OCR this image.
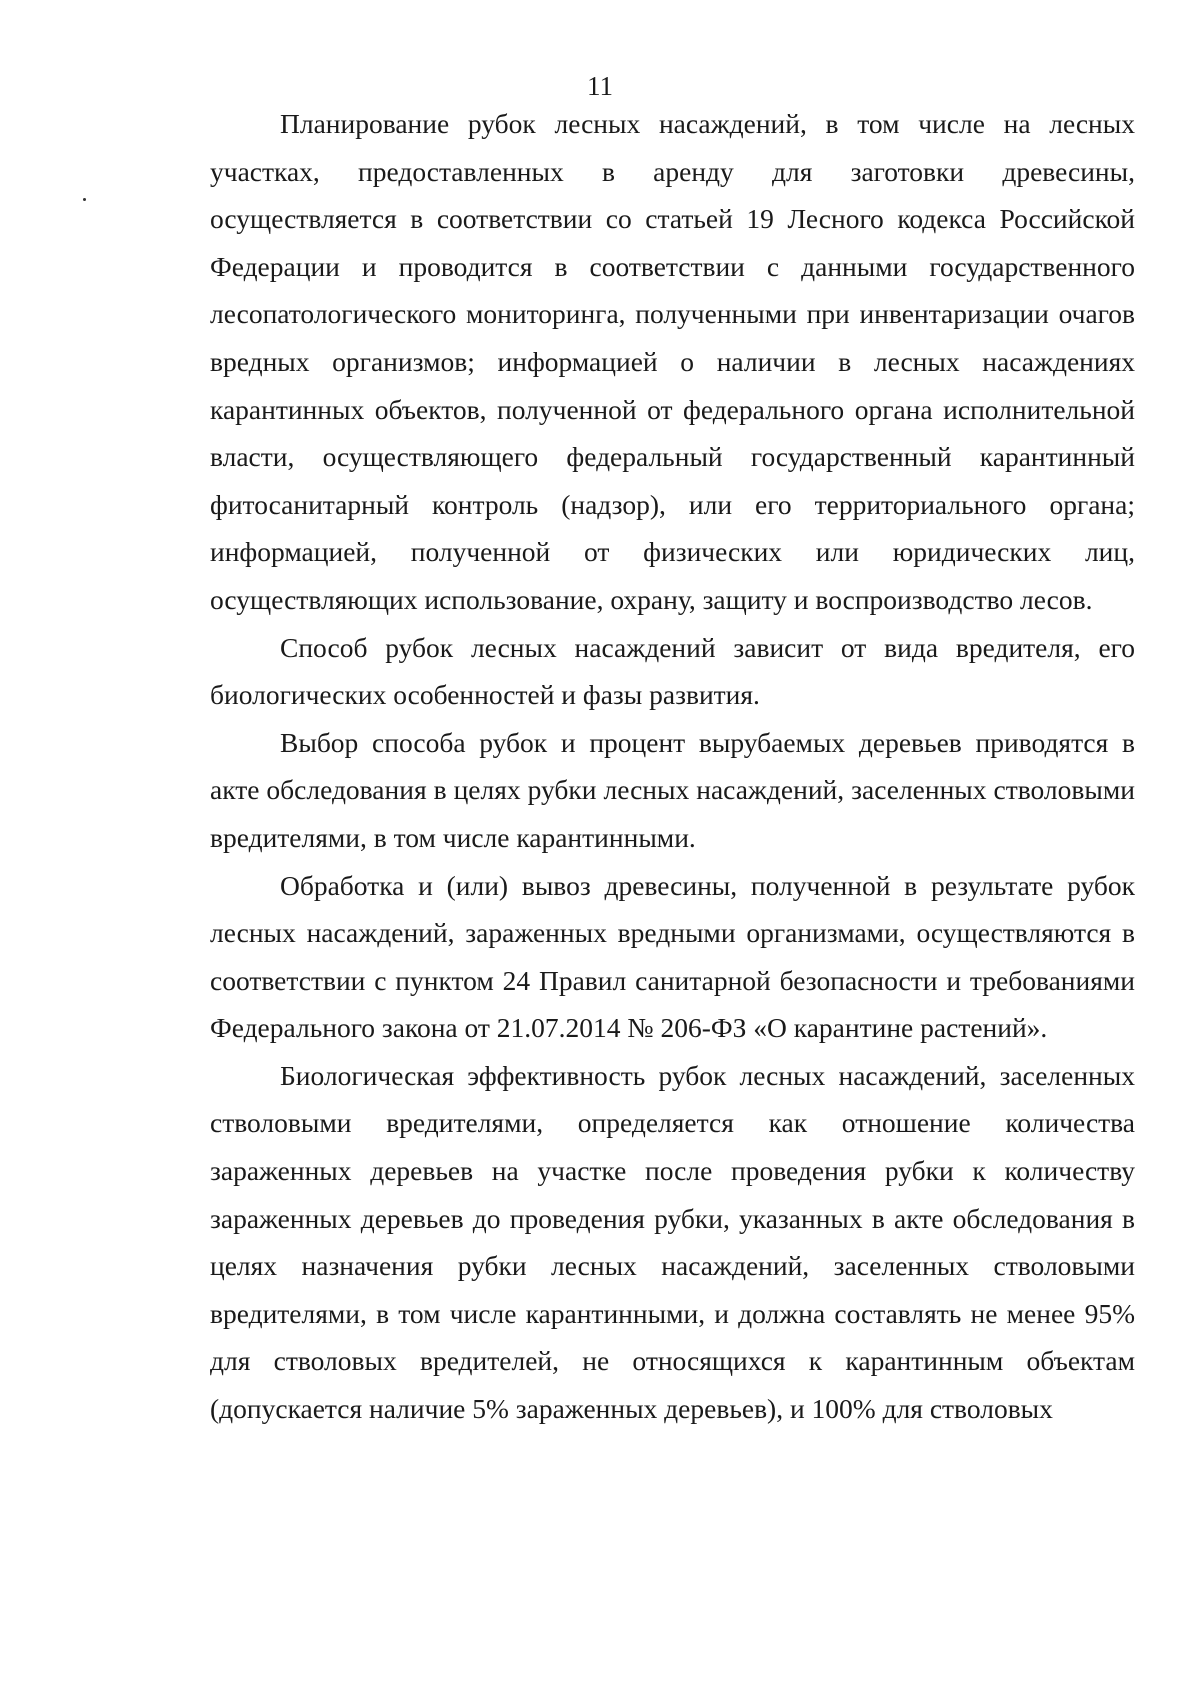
11

Планирование рубок лесных насаждений, в том числе на лесных участках, предоставленных в аренду для заготовки древесины, осуществляется в соответствии со статьей 19 Лесного кодекса Российской Федерации и проводится в соответствии с данными государственного лесопатологического мониторинга, полученными при инвентаризации очагов вредных организмов; информацией о наличии в лесных насаждениях карантинных объектов, полученной от федерального органа исполнительной власти, осуществляющего федеральный государственный карантинный фитосанитарный контроль (надзор), или его территориального органа; информацией, полученной от физических или юридических лиц, осуществляющих использование, охрану, защиту и воспроизводство лесов.

Способ рубок лесных насаждений зависит от вида вредителя, его биологических особенностей и фазы развития.

Выбор способа рубок и процент вырубаемых деревьев приводятся в акте обследования в целях рубки лесных насаждений, заселенных стволовыми вредителями, в том числе карантинными.

Обработка и (или) вывоз древесины, полученной в результате рубок лесных насаждений, зараженных вредными организмами, осуществляются в соответствии с пунктом 24 Правил санитарной безопасности и требованиями Федерального закона от 21.07.2014 № 206-ФЗ «О карантине растений».

Биологическая эффективность рубок лесных насаждений, заселенных стволовыми вредителями, определяется как отношение количества зараженных деревьев на участке после проведения рубки к количеству зараженных деревьев до проведения рубки, указанных в акте обследования в целях назначения рубки лесных насаждений, заселенных стволовыми вредителями, в том числе карантинными, и должна составлять не менее 95% для стволовых вредителей, не относящихся к карантинным объектам (допускается наличие 5% зараженных деревьев), и 100% для стволовых
